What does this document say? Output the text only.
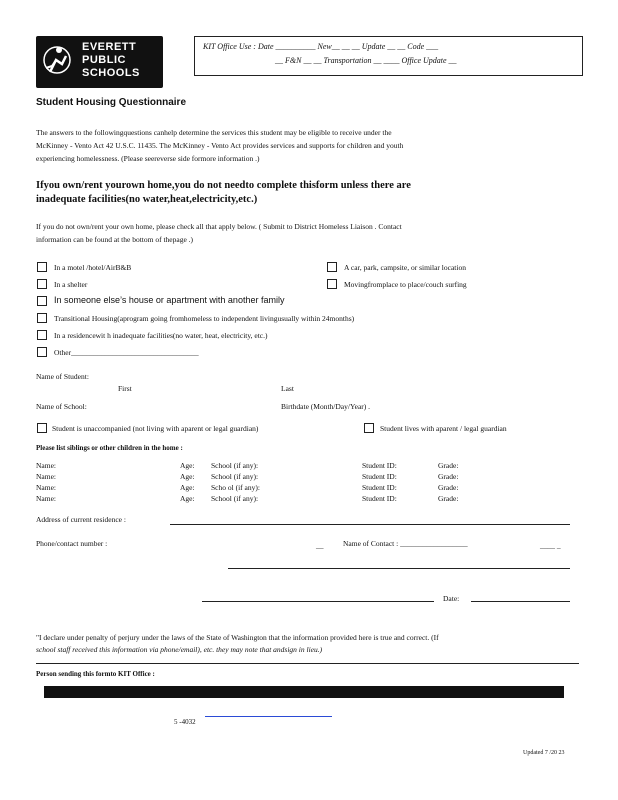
EVERETT
PUBLIC
SCHOOLS
KIT Office Use : Date __________ New__ __ __ Update __ __ Code ___
__ F&N __ __ Transportation __ ____ Office Update __
Student Housing Questionnaire
The answers to the followingquestions canhelp determine the services this student may be eligible to receive under the
McKinney - Vento Act 42 U.S.C. 11435. The McKinney - Vento Act provides services and supports for children and youth
experiencing homelessness. (Please seereverse side formore information .)
Ifyou own/rent yourown home,you do not needto complete thisform unless there are
inadequate facilities(no water,heat,electricity,etc.)
If you do not own/rent your own home, please check all that apply below. ( Submit to District Homeless Liaison . Contact
information can be found at the bottom of thepage .)
In a motel /hotel/AirB&B	A car, park, campsite, or similar location
In a shelter	Movingfromplace to place/couch surfing
In someone else’s house or apartment with another family
Transitional Housing(aprogram going fromhomeless to independent livingusually within 24months)
In a residencewit h inadequate facilities(no water, heat, electricity, etc.)
Other__________________________________
Name of Student:
First	Last
Name of School:	Birthdate (Month/Day/Year) .
Student is unaccompanied (not living with aparent or legal guardian)	Student lives with aparent / legal guardian
Please list siblings or other children in the home :
Name:	Age: School (if any):	Student ID:	Grade:
Name:	Age: School (if any):	Student ID:	Grade:
Name:	Age: Scho ol (if any):	Student ID:	Grade:
Name:	Age: School (if any):	Student ID:	Grade:
Address of current residence :
Phone/contact number :	__	Name of Contact : __________________	____ _
Date:
"I declare under penalty of perjury under the laws of the State of Washington that the information provided here is true and correct. (If
school staff received this information via phone/email), etc. they may note that andsign in lieu.)
Person sending this formto KIT Office :
5 -4032
Updated 7 /20 23
